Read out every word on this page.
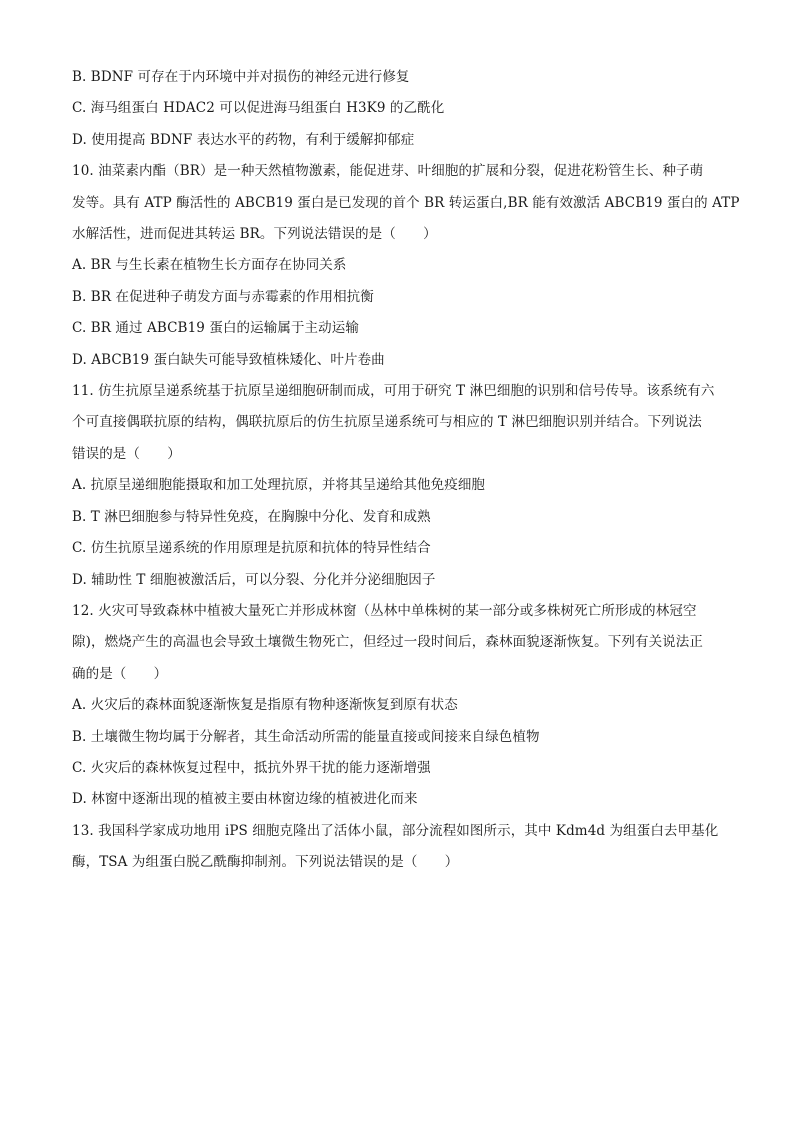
B. BDNF 可存在于内环境中并对损伤的神经元进行修复
C. 海马组蛋白 HDAC2 可以促进海马组蛋白 H3K9 的乙酰化
D. 使用提高 BDNF 表达水平的药物，有利于缓解抑郁症
10. 油菜素内酯（BR）是一种天然植物激素，能促进芽、叶细胞的扩展和分裂，促进花粉管生长、种子萌
发等。具有 ATP 酶活性的 ABCB19 蛋白是已发现的首个 BR 转运蛋白,BR 能有效激活 ABCB19 蛋白的 ATP
水解活性，进而促进其转运 BR。下列说法错误的是（　　）
A. BR 与生长素在植物生长方面存在协同关系
B. BR 在促进种子萌发方面与赤霉素的作用相抗衡
C. BR 通过 ABCB19 蛋白的运输属于主动运输
D. ABCB19 蛋白缺失可能导致植株矮化、叶片卷曲
11. 仿生抗原呈递系统基于抗原呈递细胞研制而成，可用于研究 T 淋巴细胞的识别和信号传导。该系统有六
个可直接偶联抗原的结构，偶联抗原后的仿生抗原呈递系统可与相应的 T 淋巴细胞识别并结合。下列说法
错误的是（　　）
A. 抗原呈递细胞能摄取和加工处理抗原，并将其呈递给其他免疫细胞
B. T 淋巴细胞参与特异性免疫，在胸腺中分化、发育和成熟
C. 仿生抗原呈递系统的作用原理是抗原和抗体的特异性结合
D. 辅助性 T 细胞被激活后，可以分裂、分化并分泌细胞因子
12. 火灾可导致森林中植被大量死亡并形成林窗（丛林中单株树的某一部分或多株树死亡所形成的林冠空
隙)，燃烧产生的高温也会导致土壤微生物死亡，但经过一段时间后，森林面貌逐渐恢复。下列有关说法正
确的是（　　）
A. 火灾后的森林面貌逐渐恢复是指原有物种逐渐恢复到原有状态
B. 土壤微生物均属于分解者，其生命活动所需的能量直接或间接来自绿色植物
C. 火灾后的森林恢复过程中，抵抗外界干扰的能力逐渐增强
D. 林窗中逐渐出现的植被主要由林窗边缘的植被进化而来
13. 我国科学家成功地用 iPS 细胞克隆出了活体小鼠，部分流程如图所示，其中 Kdm4d 为组蛋白去甲基化
酶，TSA 为组蛋白脱乙酰酶抑制剂。下列说法错误的是（　　）
